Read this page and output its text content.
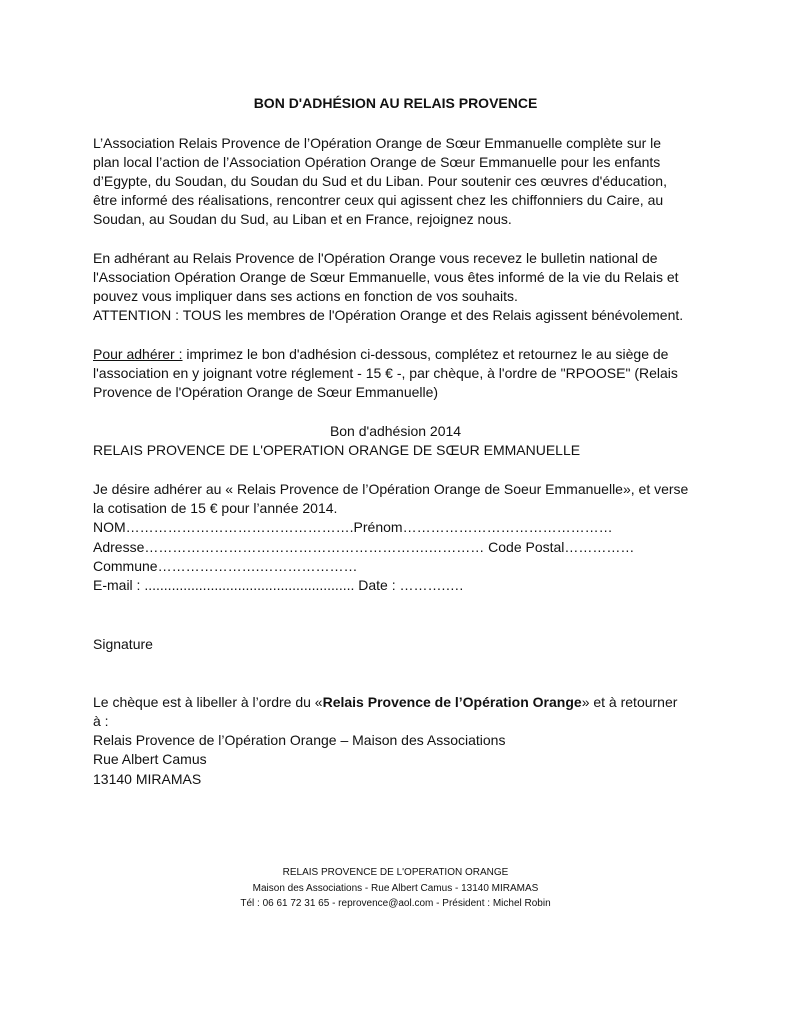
BON D'ADHÉSION AU RELAIS PROVENCE

L’Association Relais Provence de l’Opération Orange de Sœur Emmanuelle complète sur le

plan local l’action de l’Association Opération Orange de Sœur Emmanuelle pour les enfants

d’Egypte, du Soudan, du Soudan du Sud et du Liban. Pour soutenir ces œuvres d'éducation,

être informé des réalisations, rencontrer ceux qui agissent chez les chiffonniers du Caire, au

Soudan, au Soudan du Sud, au Liban et en France, rejoignez nous.

En adhérant au Relais Provence de l'Opération Orange vous recevez le bulletin national de

l'Association Opération Orange de Sœur Emmanuelle, vous êtes informé de la vie du Relais et

pouvez vous impliquer dans ses actions en fonction de vos souhaits.

ATTENTION : TOUS les membres de l'Opération Orange et des Relais agissent bénévolement.

Pour adhérer : imprimez le bon d'adhésion ci-dessous, complétez et retournez le au siège de

l'association en y joignant votre réglement - 15 € -, par chèque, à l'ordre de "RPOOSE" (Relais

Provence de l'Opération Orange de Sœur Emmanuelle)

Bon d'adhésion 2014

RELAIS PROVENCE DE L'OPERATION ORANGE DE SŒUR EMMANUELLE

Je désire adhérer au « Relais Provence de l’Opération Orange de Soeur Emmanuelle», et verse

la cotisation de 15 € pour l’année 2014.

NOM………………………………………….Prénom………………………………………

Adresse…………………………………………………….………… Code Postal……………

Commune………………….…………………

E-mail : ...................................................... Date : ……….….

Signature

Le chèque est à libeller à l’ordre du «Relais Provence de l’Opération Orange» et à retourner

à :

Relais Provence de l’Opération Orange – Maison des Associations

Rue Albert Camus

13140 MIRAMAS

RELAIS PROVENCE DE L'OPERATION ORANGE

Maison des Associations - Rue Albert Camus - 13140 MIRAMAS

Tél : 06 61 72 31 65 - reprovence@aol.com - Président : Michel Robin
